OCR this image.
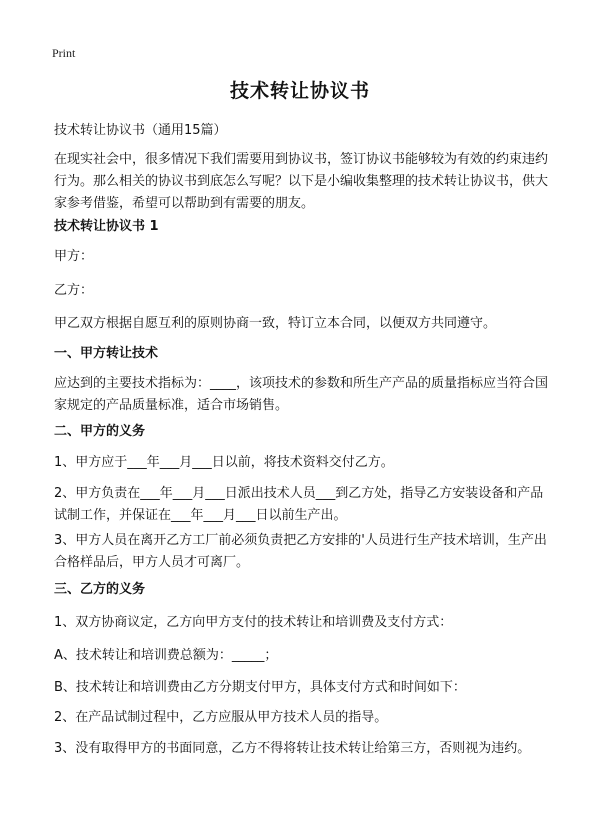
Print
技术转让协议书
技术转让协议书（通用15篇）
在现实社会中，很多情况下我们需要用到协议书，签订协议书能够较为有效的约束违约行为。那么相关的协议书到底怎么写呢？以下是小编收集整理的技术转让协议书，供大家参考借鉴，希望可以帮助到有需要的朋友。
技术转让协议书 1
甲方：
乙方：
甲乙双方根据自愿互利的原则协商一致，特订立本合同，以便双方共同遵守。
一、甲方转让技术
应达到的主要技术指标为：____，该项技术的参数和所生产产品的质量指标应当符合国家规定的产品质量标准，适合市场销售。
二、甲方的义务
1、甲方应于___年___月___日以前，将技术资料交付乙方。
2、甲方负责在___年___月___日派出技术人员___到乙方处，指导乙方安装设备和产品试制工作，并保证在___年___月___日以前生产出。
3、甲方人员在离开乙方工厂前必须负责把乙方安排的'人员进行生产技术培训，生产出合格样品后，甲方人员才可离厂。
三、乙方的义务
1、双方协商议定，乙方向甲方支付的技术转让和培训费及支付方式：
A、技术转让和培训费总额为：_____；
B、技术转让和培训费由乙方分期支付甲方，具体支付方式和时间如下：
2、在产品试制过程中，乙方应服从甲方技术人员的指导。
3、没有取得甲方的书面同意，乙方不得将转让技术转让给第三方，否则视为违约。
